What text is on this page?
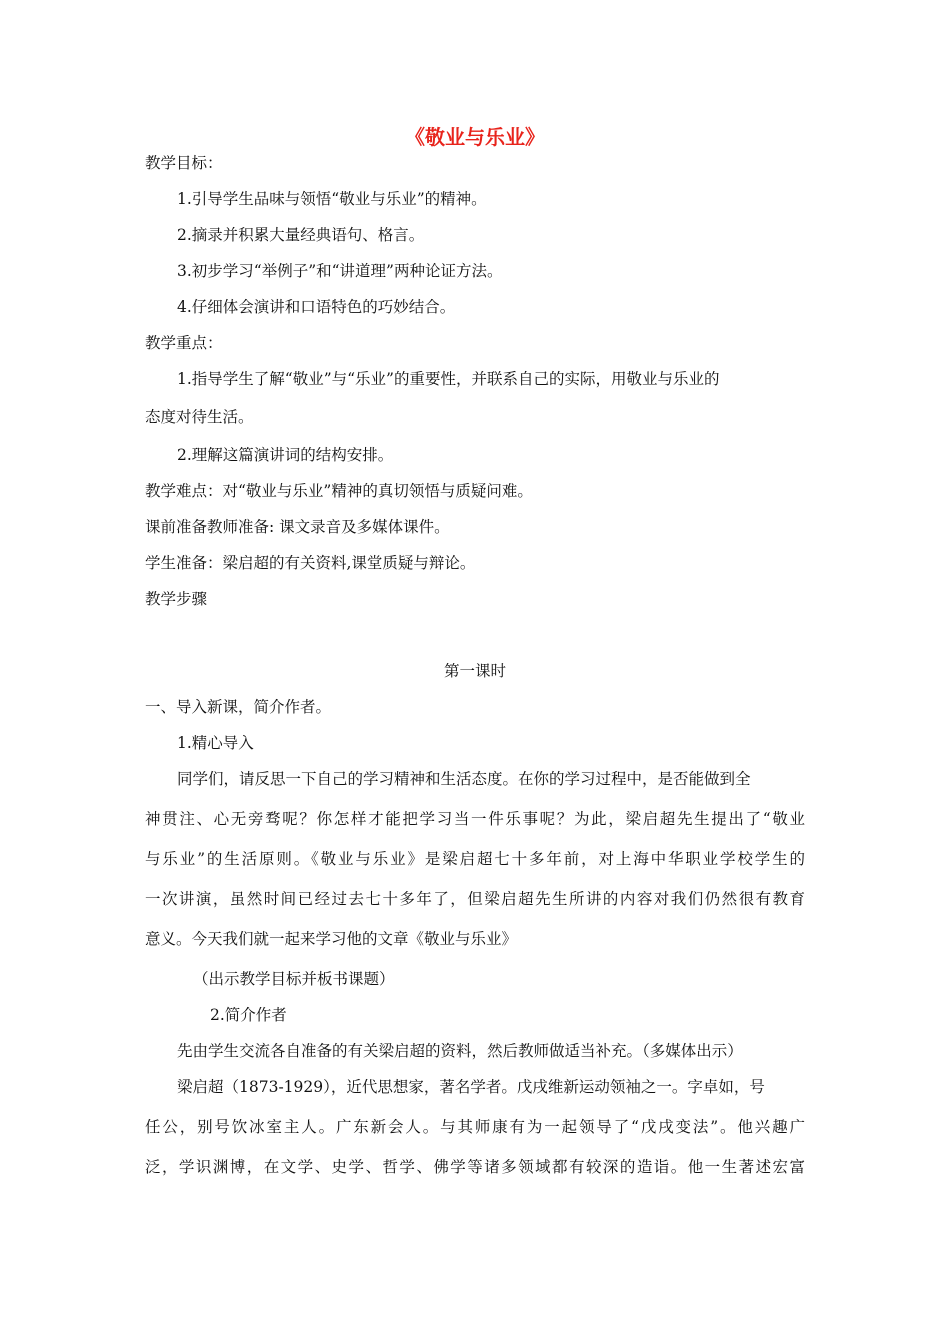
《敬业与乐业》
教学目标：
1.引导学生品味与领悟“敬业与乐业”的精神。
2.摘录并积累大量经典语句、格言。
3.初步学习“举例子”和“讲道理”两种论证方法。
4.仔细体会演讲和口语特色的巧妙结合。
教学重点：
1.指导学生了解“敬业”与“乐业”的重要性，并联系自己的实际，用敬业与乐业的
态度对待生活。
2.理解这篇演讲词的结构安排。
教学难点：对“敬业与乐业”精神的真切领悟与质疑问难。
课前准备教师准备: 课文录音及多媒体课件。
学生准备：梁启超的有关资料,课堂质疑与辩论。
教学步骤
第一课时
一、导入新课，简介作者。
1.精心导入
同学们，请反思一下自己的学习精神和生活态度。在你的学习过程中，是否能做到全
神贯注、心无旁骛呢？你怎样才能把学习当一件乐事呢？为此，梁启超先生提出了“敬业
与乐业”的生活原则。《敬业与乐业》是梁启超七十多年前，对上海中华职业学校学生的
一次讲演，虽然时间已经过去七十多年了，但梁启超先生所讲的内容对我们仍然很有教育
意义。今天我们就一起来学习他的文章《敬业与乐业》
（出示教学目标并板书课题）
2.简介作者
先由学生交流各自准备的有关梁启超的资料，然后教师做适当补充。（多媒体出示）
梁启超（1873-1929），近代思想家，著名学者。戊戌维新运动领袖之一。字卓如，号
任公，别号饮冰室主人。广东新会人。与其师康有为一起领导了“戊戌变法”。他兴趣广
泛，学识渊博，在文学、史学、哲学、佛学等诸多领域都有较深的造诣。他一生著述宏富
